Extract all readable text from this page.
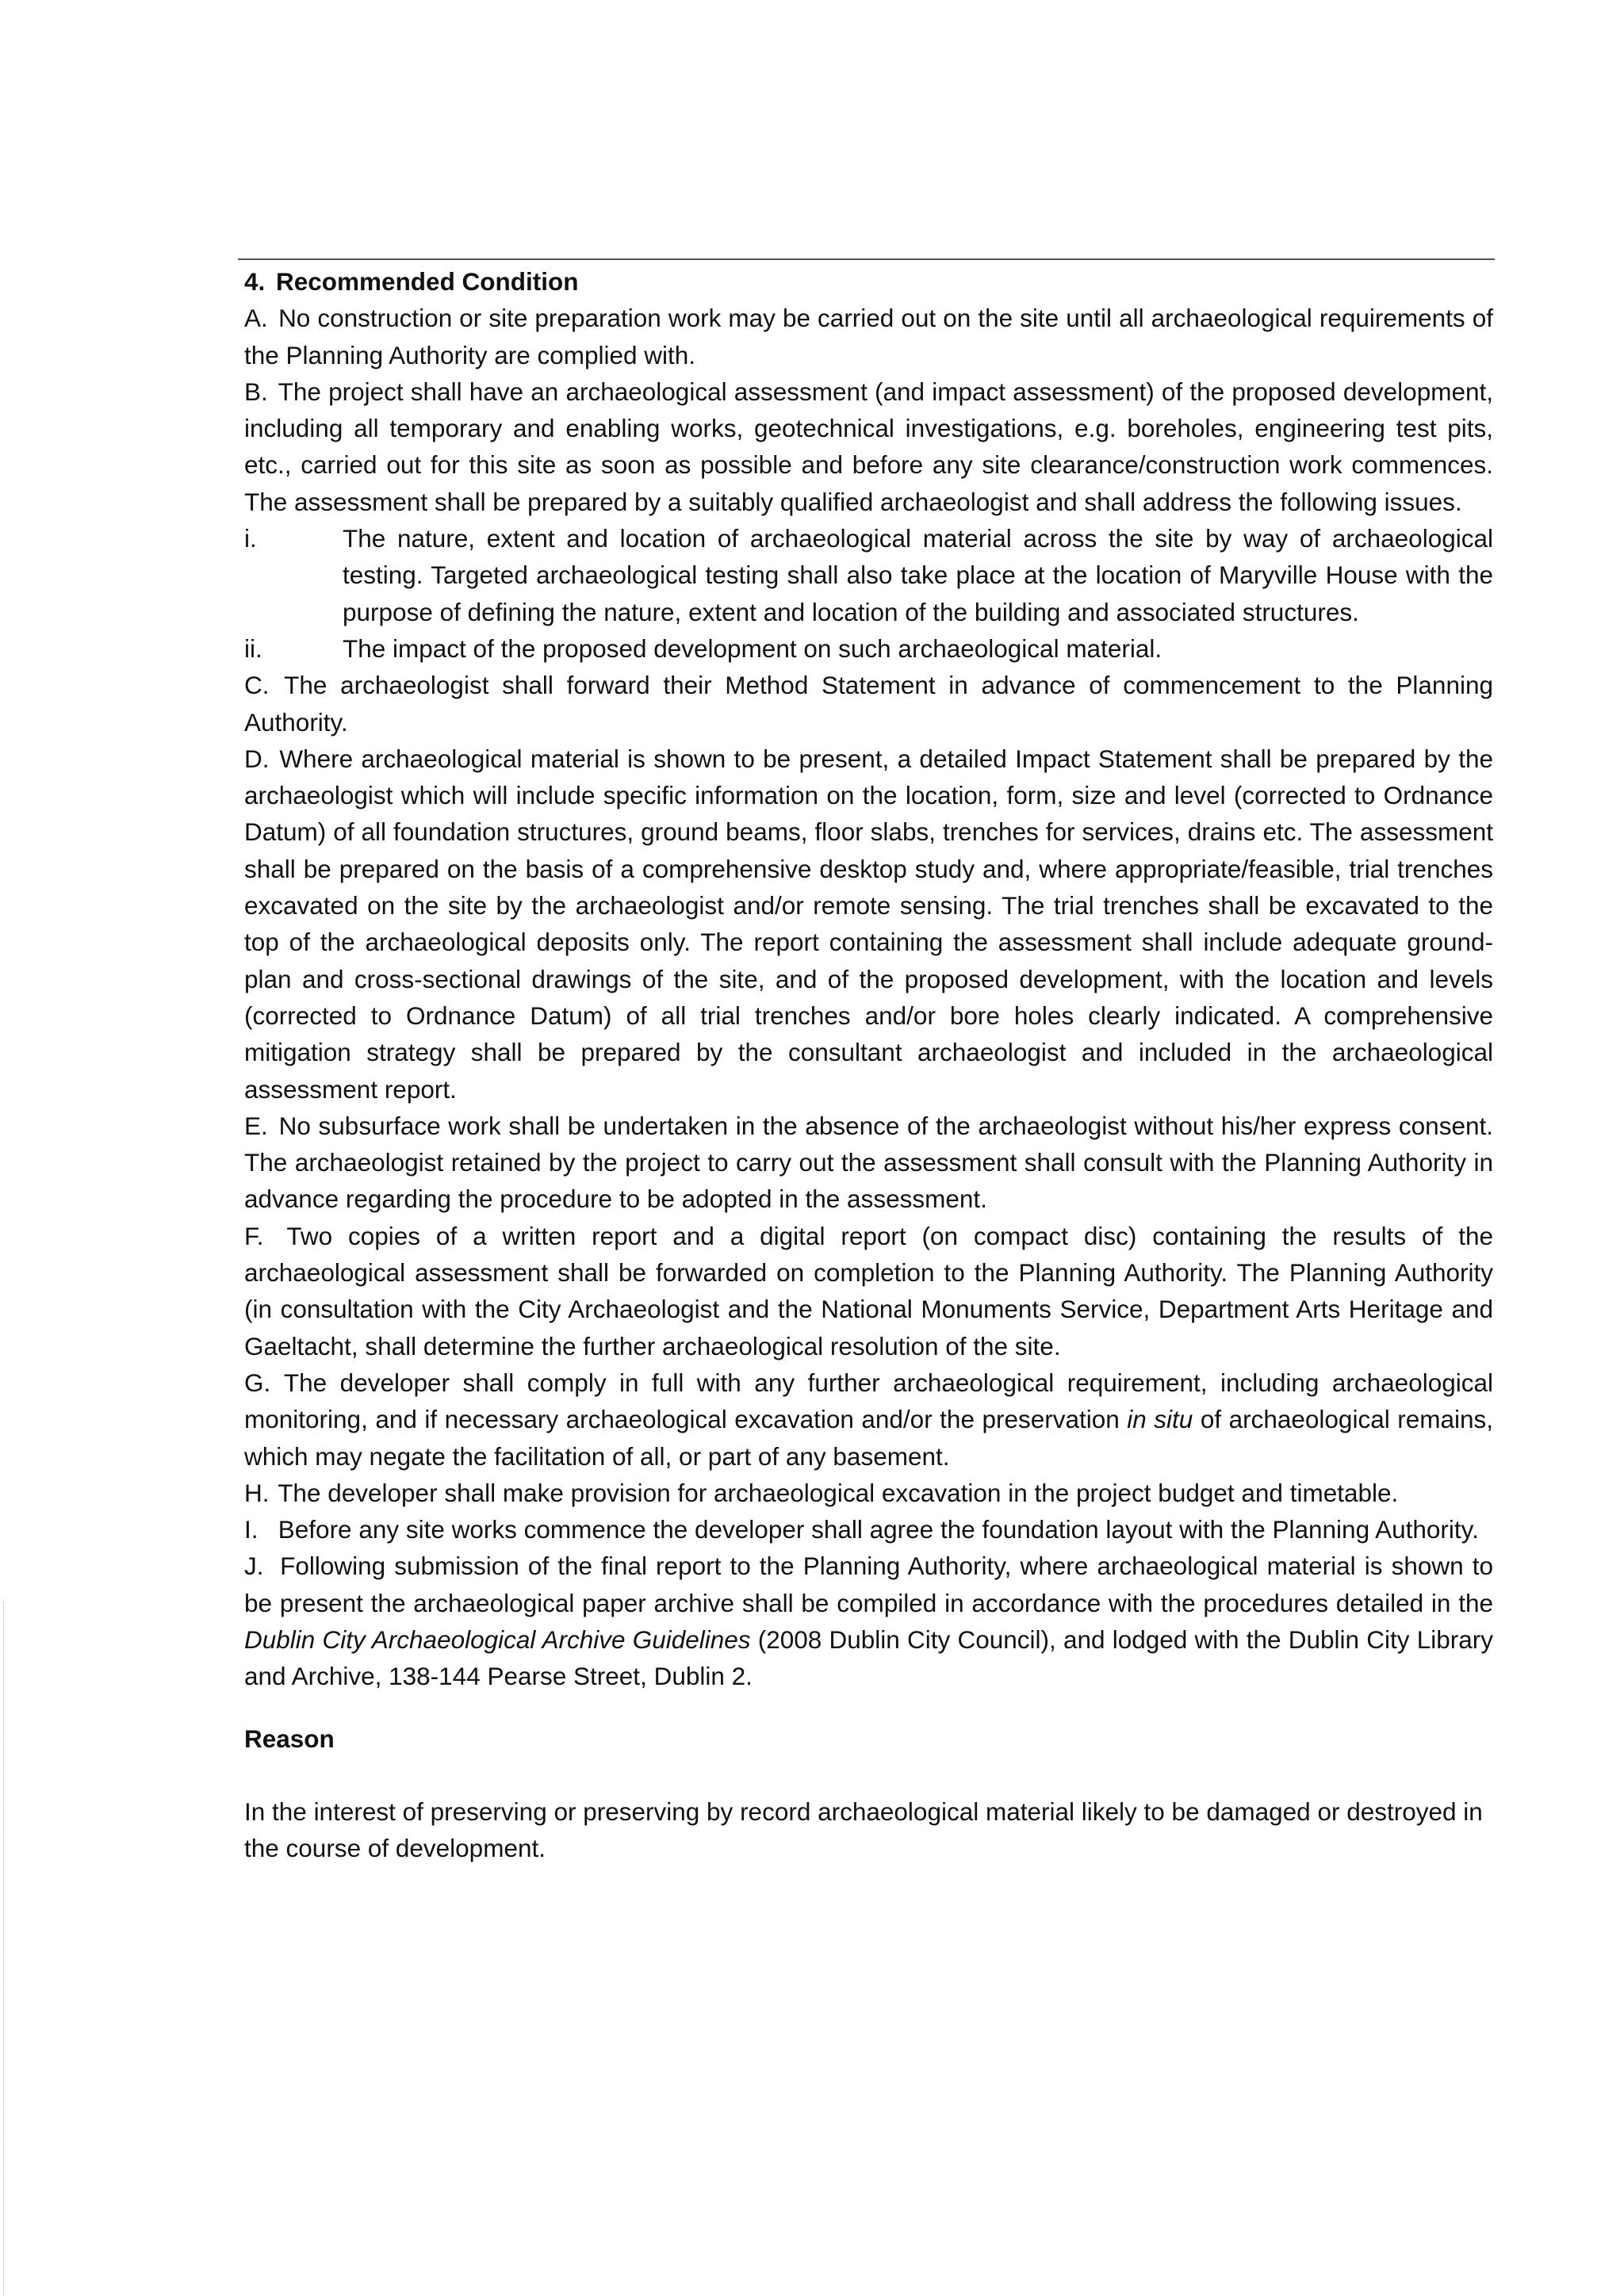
4. Recommended Condition

A. No construction or site preparation work may be carried out on the site until all archaeological requirements of the Planning Authority are complied with.

B. The project shall have an archaeological assessment (and impact assessment) of the proposed development, including all temporary and enabling works, geotechnical investigations, e.g. boreholes, engineering test pits, etc., carried out for this site as soon as possible and before any site clearance/construction work commences. The assessment shall be prepared by a suitably qualified archaeologist and shall address the following issues.

i.	The nature, extent and location of archaeological material across the site by way of archaeological testing. Targeted archaeological testing shall also take place at the location of Maryville House with the purpose of defining the nature, extent and location of the building and associated structures.
ii.	The impact of the proposed development on such archaeological material.

C. The archaeologist shall forward their Method Statement in advance of commencement to the Planning Authority.

D. Where archaeological material is shown to be present, a detailed Impact Statement shall be prepared by the archaeologist which will include specific information on the location, form, size and level (corrected to Ordnance Datum) of all foundation structures, ground beams, floor slabs, trenches for services, drains etc. The assessment shall be prepared on the basis of a comprehensive desktop study and, where appropriate/feasible, trial trenches excavated on the site by the archaeologist and/or remote sensing. The trial trenches shall be excavated to the top of the archaeological deposits only. The report containing the assessment shall include adequate ground-plan and cross-sectional drawings of the site, and of the proposed development, with the location and levels (corrected to Ordnance Datum) of all trial trenches and/or bore holes clearly indicated. A comprehensive mitigation strategy shall be prepared by the consultant archaeologist and included in the archaeological assessment report.

E. No subsurface work shall be undertaken in the absence of the archaeologist without his/her express consent. The archaeologist retained by the project to carry out the assessment shall consult with the Planning Authority in advance regarding the procedure to be adopted in the assessment.

F. Two copies of a written report and a digital report (on compact disc) containing the results of the archaeological assessment shall be forwarded on completion to the Planning Authority. The Planning Authority (in consultation with the City Archaeologist and the National Monuments Service, Department Arts Heritage and Gaeltacht, shall determine the further archaeological resolution of the site.

G. The developer shall comply in full with any further archaeological requirement, including archaeological monitoring, and if necessary archaeological excavation and/or the preservation in situ of archaeological remains, which may negate the facilitation of all, or part of any basement.

H. The developer shall make provision for archaeological excavation in the project budget and timetable.

I. Before any site works commence the developer shall agree the foundation layout with the Planning Authority.

J. Following submission of the final report to the Planning Authority, where archaeological material is shown to be present the archaeological paper archive shall be compiled in accordance with the procedures detailed in the Dublin City Archaeological Archive Guidelines (2008 Dublin City Council), and lodged with the Dublin City Library and Archive, 138-144 Pearse Street, Dublin 2.

Reason

In the interest of preserving or preserving by record archaeological material likely to be damaged or destroyed in the course of development.
